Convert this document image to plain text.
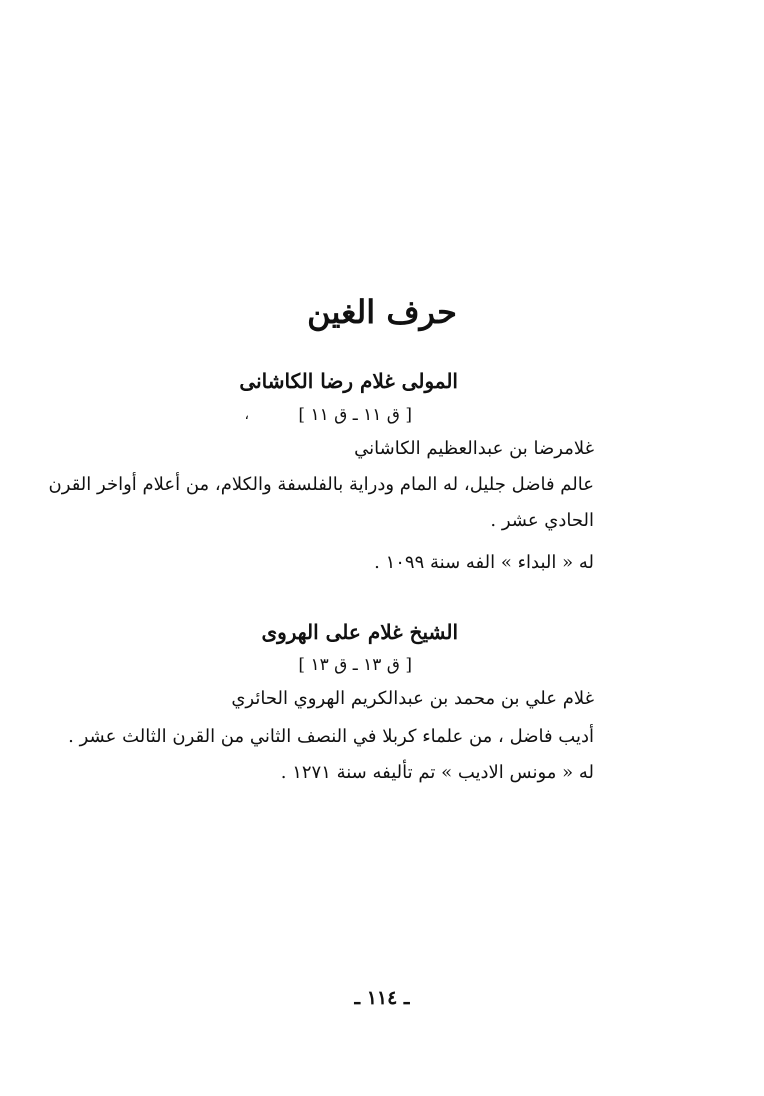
حرف الغين
المولى غلام رضا الكاشانى
[ ق ١١ ـ ق ١١ ]
،
غلامرضا بن عبدالعظيم الكاشاني
عالم فاضل جليل، له المام ودراية بالفلسفة والكلام، من أعلام أواخر القرن
الحادي عشر .
له « البداء » الفه سنة ١٠٩٩ .
الشيخ غلام على الهروى
[ ق ١٣ ـ ق ١٣ ]
غلام علي بن محمد بن عبدالكريم الهروي الحائري
أديب فاضل ، من علماء كربلا في النصف الثاني من القرن الثالث عشر .
له « مونس الاديب » تم تأليفه سنة ١٢٧١ .
ـ ١١٤ ـ
